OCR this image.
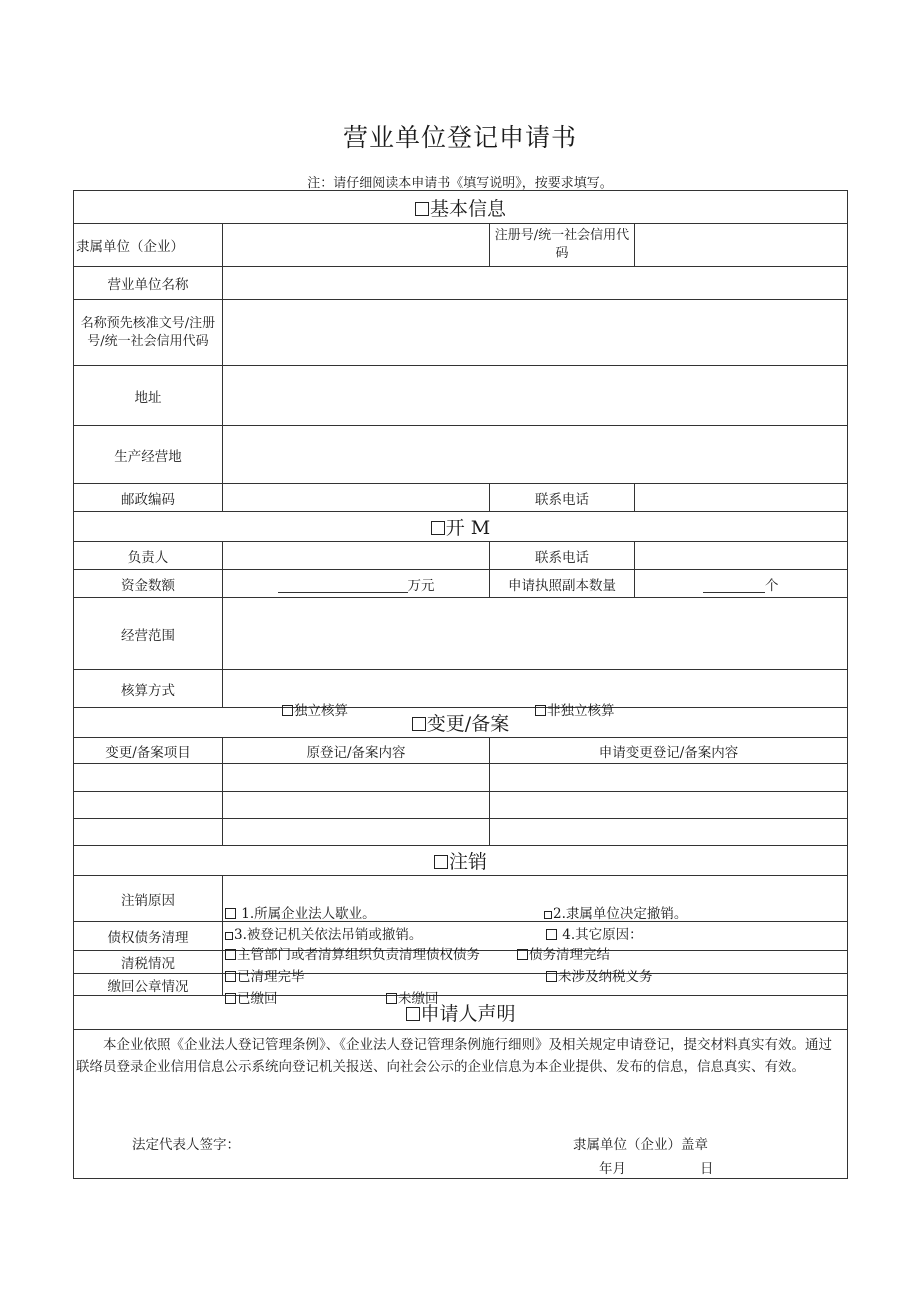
营业单位登记申请书
注：请仔细阅读本申请书《填写说明》，按要求填写。
基本信息			
隶属单位（企业）		注册号/统一社会信用代码	
营业单位名称			
名称预先核准文号/注册号/统一社会信用代码			
地址			
生产经营地			
邮政编码		联系电话	
开 M			
负责人		联系电话	
资金数额	万元	申请执照副本数量	个
经营范围			
核算方式	独立核算 非独立核算		

变更/备案			
变更/备案项目	原登记/备案内容	申请变更登记/备案内容	

注销			
注销原因	1.所属企业法人歇业。 2.隶属单位决定撤销。
3.被登记机关依法吊销或撤销。 4.其它原因：		

债权债务清理	主管部门或者清算组织负责清理债权债务 债务清理完结		

清税情况	已清理完毕 未涉及纳税义务		

缴回公章情况	已缴回 未缴回		

申请人声明			

本企业依照《企业法人登记管理条例》、《企业法人登记管理条例施行细则》及相关规定申请登记，提交材料真实有效。通过联络员登录企业信用信息公示系统向登记机关报送、向社会公示的企业信息为本企业提供、发布的信息，信息真实、有效。
法定代表人签字： 隶属单位（企业）盖章
年月 日			
